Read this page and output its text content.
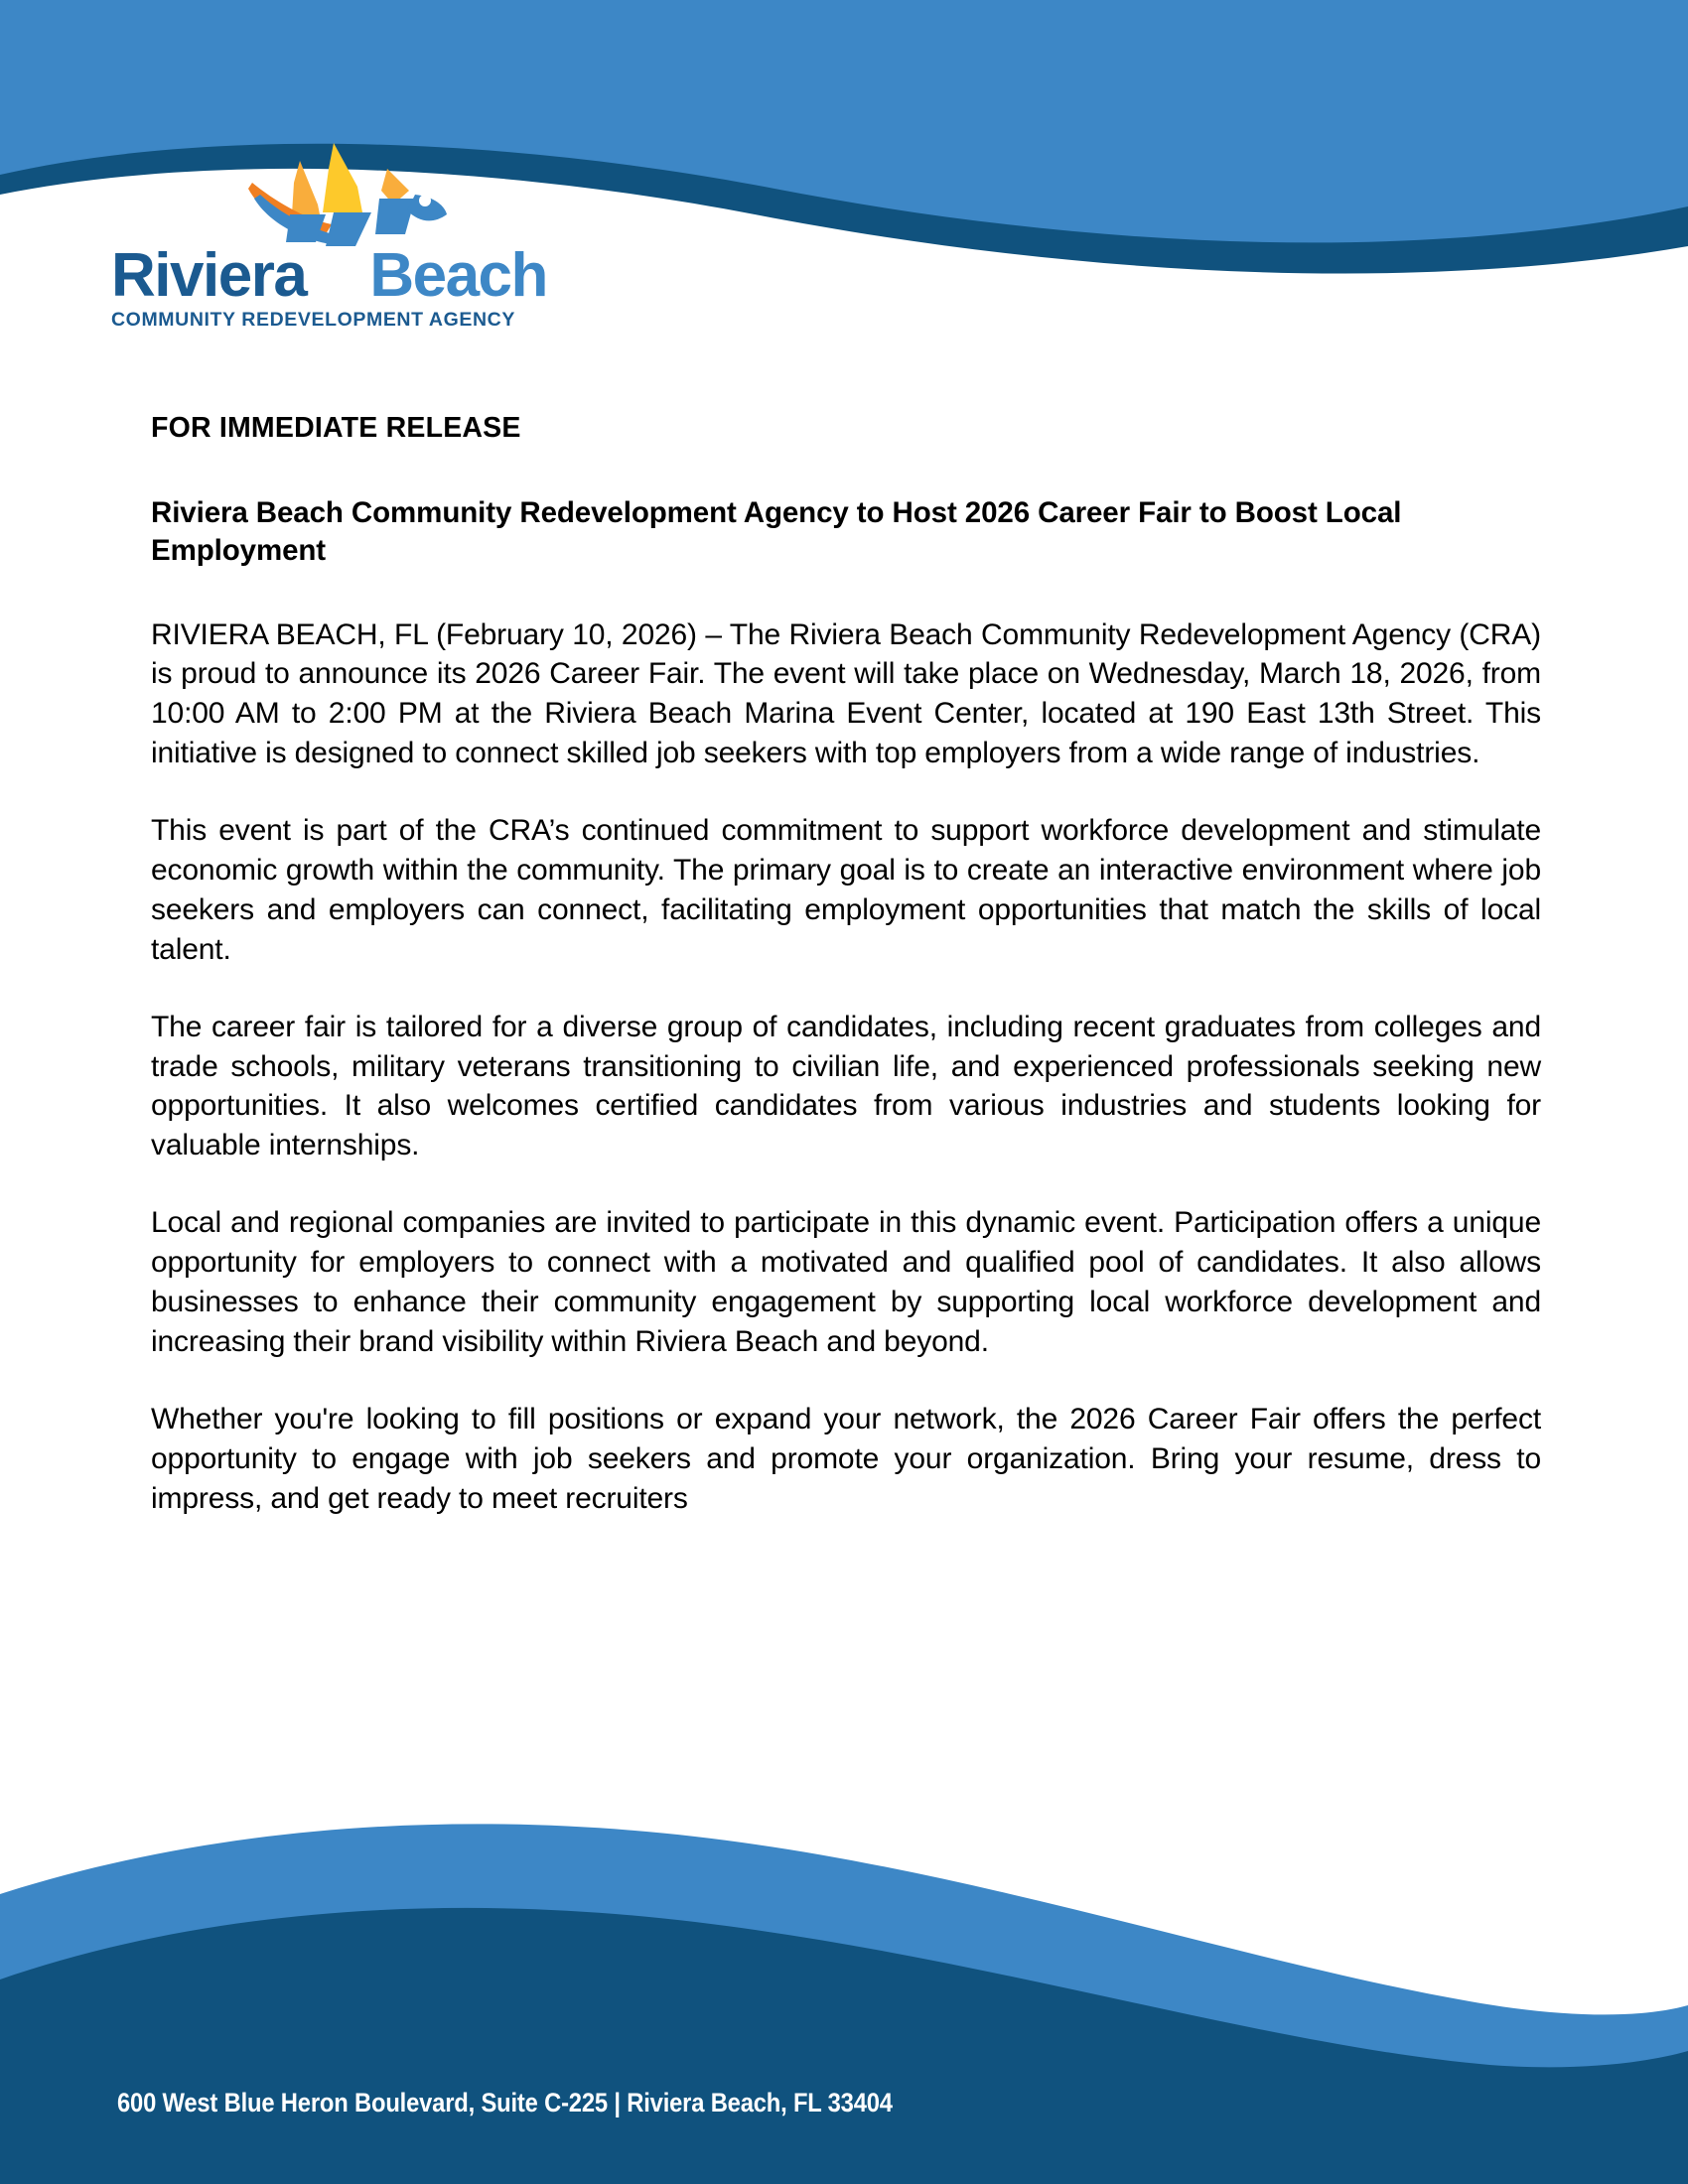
Riviera Beach
COMMUNITY REDEVELOPMENT AGENCY
FOR IMMEDIATE RELEASE
Riviera Beach Community Redevelopment Agency to Host 2026 Career Fair to Boost Local Employment

RIVIERA BEACH, FL (February 10, 2026) – The Riviera Beach Community Redevelopment Agency (CRA) is proud to announce its 2026 Career Fair. The event will take place on Wednesday, March 18, 2026, from 10:00 AM to 2:00 PM at the Riviera Beach Marina Event Center, located at 190 East 13th Street. This initiative is designed to connect skilled job seekers with top employers from a wide range of industries.

This event is part of the CRA’s continued commitment to support workforce development and stimulate economic growth within the community. The primary goal is to create an interactive environment where job seekers and employers can connect, facilitating employment opportunities that match the skills of local talent.

The career fair is tailored for a diverse group of candidates, including recent graduates from colleges and trade schools, military veterans transitioning to civilian life, and experienced professionals seeking new opportunities. It also welcomes certified candidates from various industries and students looking for valuable internships.

Local and regional companies are invited to participate in this dynamic event. Participation offers a unique opportunity for employers to connect with a motivated and qualified pool of candidates. It also allows businesses to enhance their community engagement by supporting local workforce development and increasing their brand visibility within Riviera Beach and beyond.

Whether you're looking to fill positions or expand your network, the 2026 Career Fair offers the perfect opportunity to engage with job seekers and promote your organization. Bring your resume, dress to impress, and get ready to meet recruiters

600 West Blue Heron Boulevard, Suite C-225 | Riviera Beach, FL 33404
